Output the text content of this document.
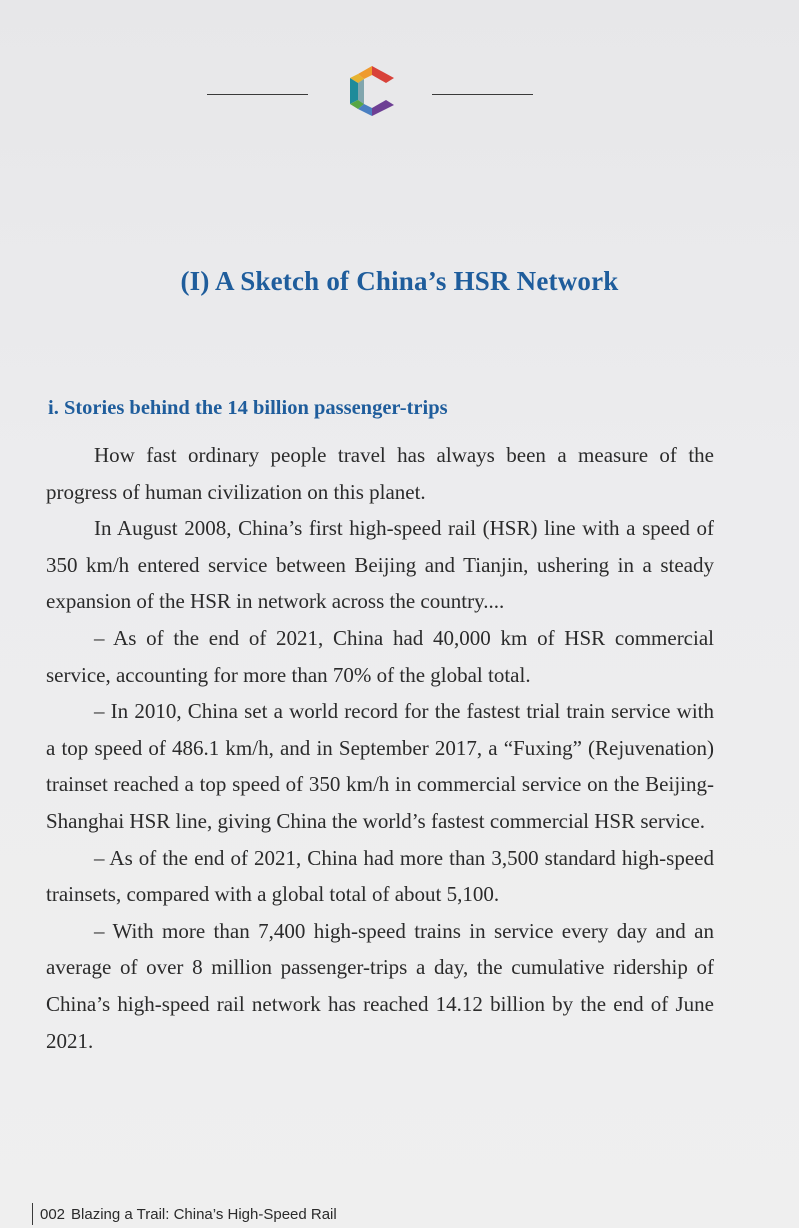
(I) A Sketch of China’s HSR Network
i. Stories behind the 14 billion passenger-trips

How fast ordinary people travel has always been a measure of the progress of human civilization on this planet.

In August 2008, China’s first high-speed rail (HSR) line with a speed of 350 km/h entered service between Beijing and Tianjin, ushering in a steady expansion of the HSR in network across the country....

– As of the end of 2021, China had 40,000 km of HSR commercial service, accounting for more than 70% of the global total.

– In 2010, China set a world record for the fastest trial train service with a top speed of 486.1 km/h, and in September 2017, a “Fuxing” (Rejuvenation) trainset reached a top speed of 350 km/h in commercial service on the Beijing-Shanghai HSR line, giving China the world’s fastest commercial HSR service.

– As of the end of 2021, China had more than 3,500 standard high-speed trainsets, compared with a global total of about 5,100.

– With more than 7,400 high-speed trains in service every day and an average of over 8 million passenger-trips a day, the cumulative ridership of China’s high-speed rail network has reached 14.12 billion by the end of June 2021.

002 Blazing a Trail: China’s High-Speed Rail
